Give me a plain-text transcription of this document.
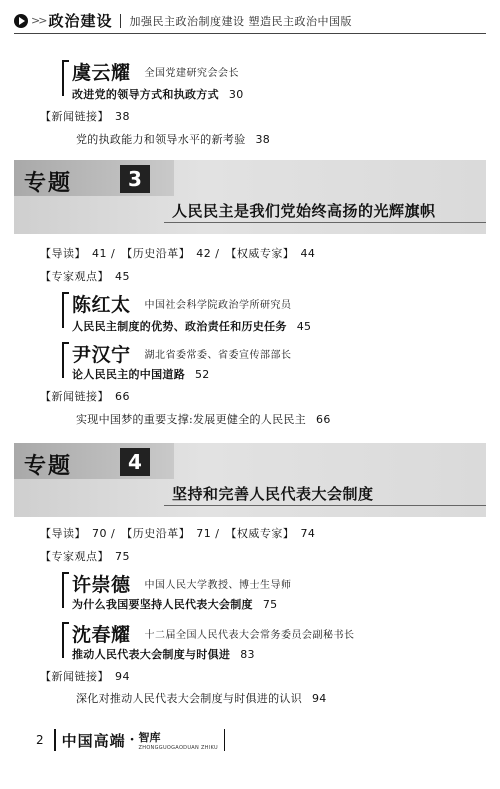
>> 政治建设 加强民主政治制度建设 塑造民主政治中国版
虞云耀 全国党建研究会会长
改进党的领导方式和执政方式 30
【新闻链接】 38
党的执政能力和领导水平的新考验 38
专题	3
人民民主是我们党始终高扬的光辉旗帜
【导读】 41 / 【历史沿革】 42 / 【权威专家】 44
【专家观点】 45
陈红太 中国社会科学院政治学所研究员
人民民主制度的优势、政治责任和历史任务 45
尹汉宁 湖北省委常委、省委宣传部部长
论人民民主的中国道路 52
【新闻链接】 66
实现中国梦的重要支撑:发展更健全的人民民主 66
专题	4
坚持和完善人民代表大会制度
【导读】 70 / 【历史沿革】 71 / 【权威专家】 74
【专家观点】 75
许崇德 中国人民大学教授、博士生导师
为什么我国要坚持人民代表大会制度 75
沈春耀 十二届全国人民代表大会常务委员会副秘书长
推动人民代表大会制度与时俱进 83
【新闻链接】 94
深化对推动人民代表大会制度与时俱进的认识 94
2 中国高端 · 智库
ZHONGGUOGAODUAN ZHIKU
